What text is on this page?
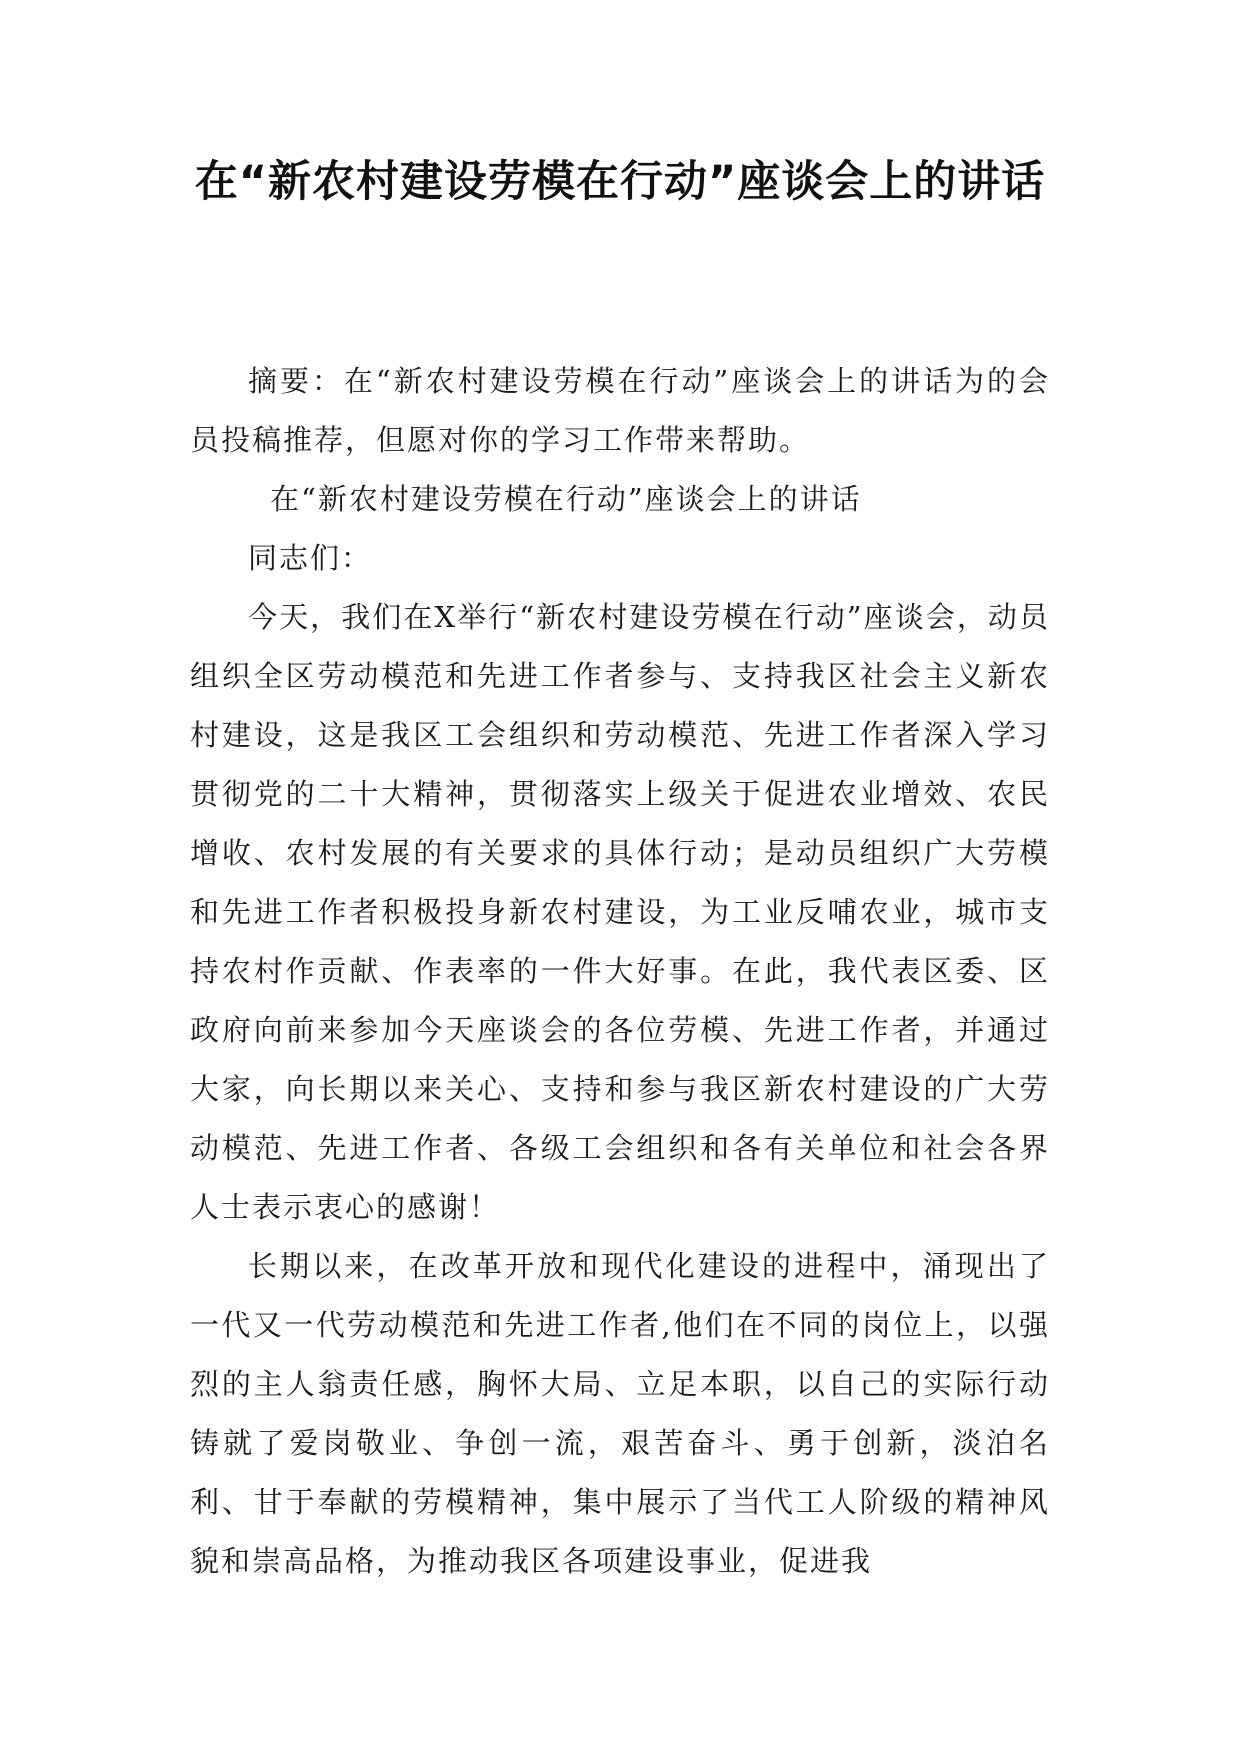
在“新农村建设劳模在行动”座谈会上的讲话

摘要：在“新农村建设劳模在行动”座谈会上的讲话为的会员投稿推荐，但愿对你的学习工作带来帮助。

在“新农村建设劳模在行动”座谈会上的讲话

同志们：

今天，我们在X举行“新农村建设劳模在行动”座谈会，动员组织全区劳动模范和先进工作者参与、支持我区社会主义新农村建设，这是我区工会组织和劳动模范、先进工作者深入学习贯彻党的二十大精神，贯彻落实上级关于促进农业增效、农民增收、农村发展的有关要求的具体行动；是动员组织广大劳模和先进工作者积极投身新农村建设，为工业反哺农业，城市支持农村作贡献、作表率的一件大好事。在此，我代表区委、区政府向前来参加今天座谈会的各位劳模、先进工作者，并通过大家，向长期以来关心、支持和参与我区新农村建设的广大劳动模范、先进工作者、各级工会组织和各有关单位和社会各界人士表示衷心的感谢！

长期以来，在改革开放和现代化建设的进程中，涌现出了一代又一代劳动模范和先进工作者,他们在不同的岗位上，以强烈的主人翁责任感，胸怀大局、立足本职，以自己的实际行动铸就了爱岗敬业、争创一流，艰苦奋斗、勇于创新，淡泊名利、甘于奉献的劳模精神，集中展示了当代工人阶级的精神风貌和崇高品格，为推动我区各项建设事业，促进我
